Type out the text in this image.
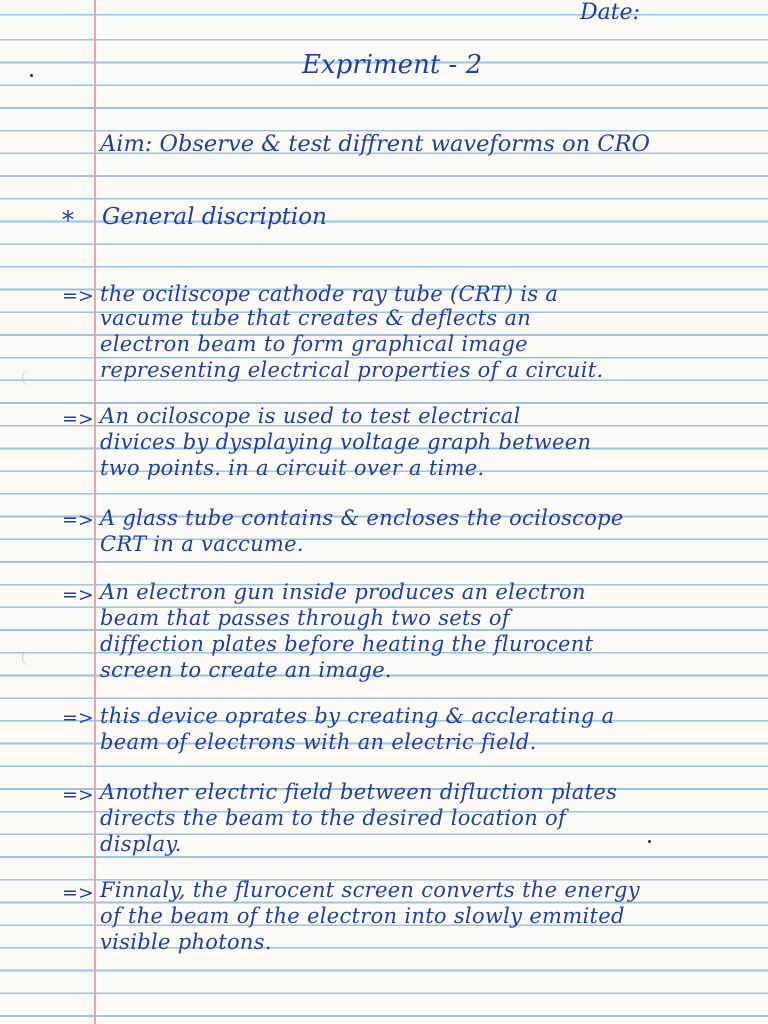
Date:
Expriment - 2
Aim: Observe & test diffrent waveforms on CRO
* General discription
=> the ociliscope cathode ray tube (CRT) is a
vacume tube that creates & deflects an
electron beam to form graphical image
representing electrical properties of a circuit.
=> An ociloscope is used to test electrical
divices by dysplaying voltage graph between
two points. in a circuit over a time.
=> A glass tube contains & encloses the ociloscope
CRT in a vaccume.
=> An electron gun inside produces an electron
beam that passes through two sets of
diffection plates before heating the flurocent
screen to create an image.
=> this device oprates by creating & acclerating a
beam of electrons with an electric field.
=> Another electric field between difluction plates
directs the beam to the desired location of
display.
=> Finnaly, the flurocent screen converts the energy
of the beam of the electron into slowly emmited
visible photons.
